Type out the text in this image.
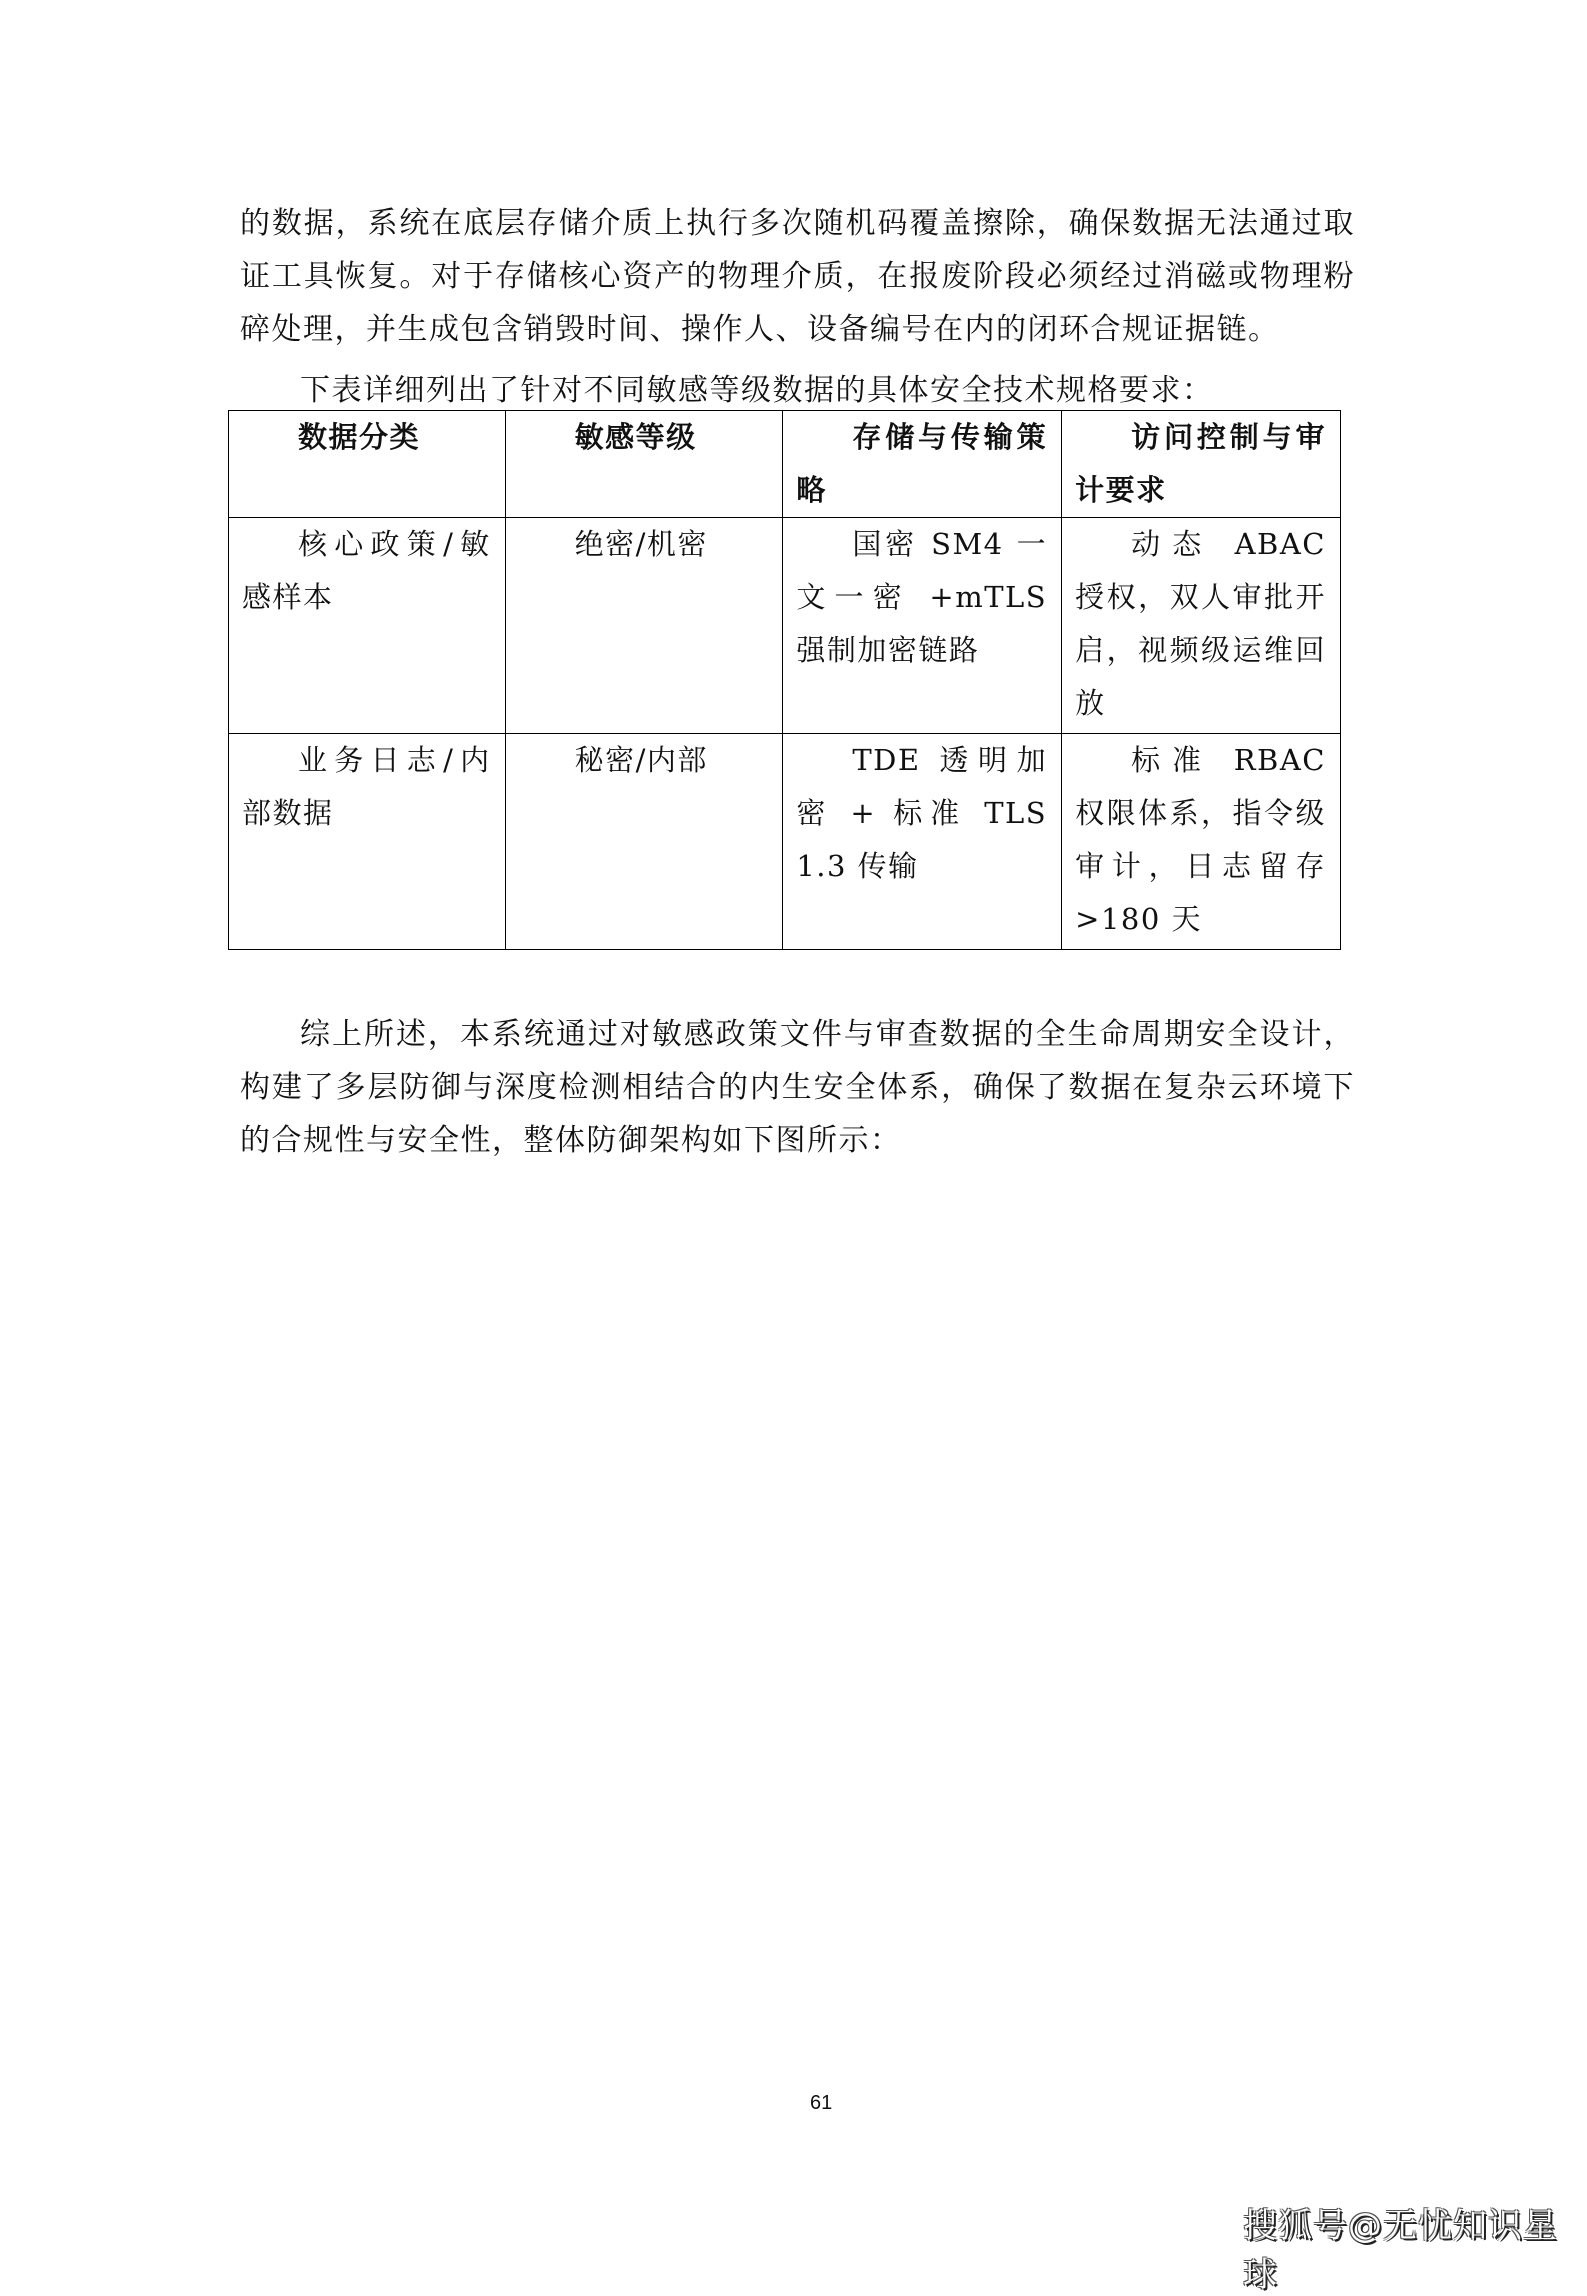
的数据，系统在底层存储介质上执行多次随机码覆盖擦除，确保数据无法通过取证工具恢复。对于存储核心资产的物理介质，在报废阶段必须经过消磁或物理粉碎处理，并生成包含销毁时间、操作人、设备编号在内的闭环合规证据链。

下表详细列出了针对不同敏感等级数据的具体安全技术规格要求：

数据分类	敏感等级	存储与传输策略	访问控制与审计要求

核心政策/敏感样本	绝密/机密	国密 SM4 一文一密 +mTLS 强制加密链路	动态 ABAC 授权，双人审批开启，视频级运维回放

业务日志/内部数据	秘密/内部	TDE 透明加密 + 标准 TLS 1.3 传输	标准 RBAC 权限体系，指令级审计，日志留存 >180 天

综上所述，本系统通过对敏感政策文件与审查数据的全生命周期安全设计，构建了多层防御与深度检测相结合的内生安全体系，确保了数据在复杂云环境下的合规性与安全性，整体防御架构如下图所示：

61
搜狐号@无忧知识星球
